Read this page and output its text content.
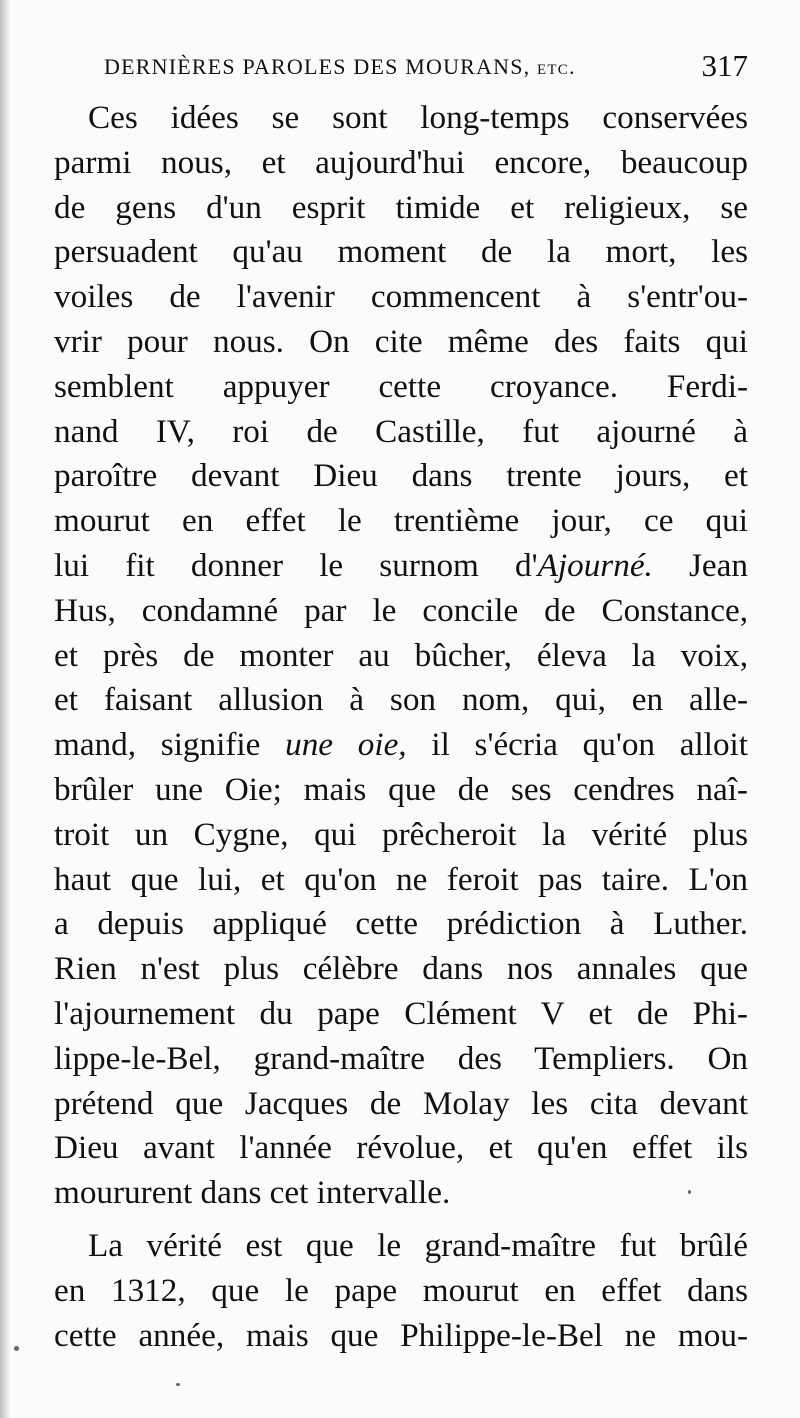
DERNIÈRES PAROLES DES MOURANS, etc.	317
Ces idées se sont long-temps conservées
parmi nous, et aujourd'hui encore, beaucoup
de gens d'un esprit timide et religieux, se
persuadent qu'au moment de la mort, les
voiles de l'avenir commencent à s'entr'ou-
vrir pour nous. On cite même des faits qui
semblent appuyer cette croyance. Ferdi-
nand IV, roi de Castille, fut ajourné à
paroître devant Dieu dans trente jours, et
mourut en effet le trentième jour, ce qui
lui fit donner le surnom d'Ajourné. Jean
Hus, condamné par le concile de Constance,
et près de monter au bûcher, éleva la voix,
et faisant allusion à son nom, qui, en alle-
mand, signifie une oie, il s'écria qu'on alloit
brûler une Oie; mais que de ses cendres naî-
troit un Cygne, qui prêcheroit la vérité plus
haut que lui, et qu'on ne feroit pas taire. L'on
a depuis appliqué cette prédiction à Luther.
Rien n'est plus célèbre dans nos annales que
l'ajournement du pape Clément V et de Phi-
lippe-le-Bel, grand-maître des Templiers. On
prétend que Jacques de Molay les cita devant
Dieu avant l'année révolue, et qu'en effet ils
moururent dans cet intervalle.
La vérité est que le grand-maître fut brûlé
en 1312, que le pape mourut en effet dans
cette année, mais que Philippe-le-Bel ne mou-
